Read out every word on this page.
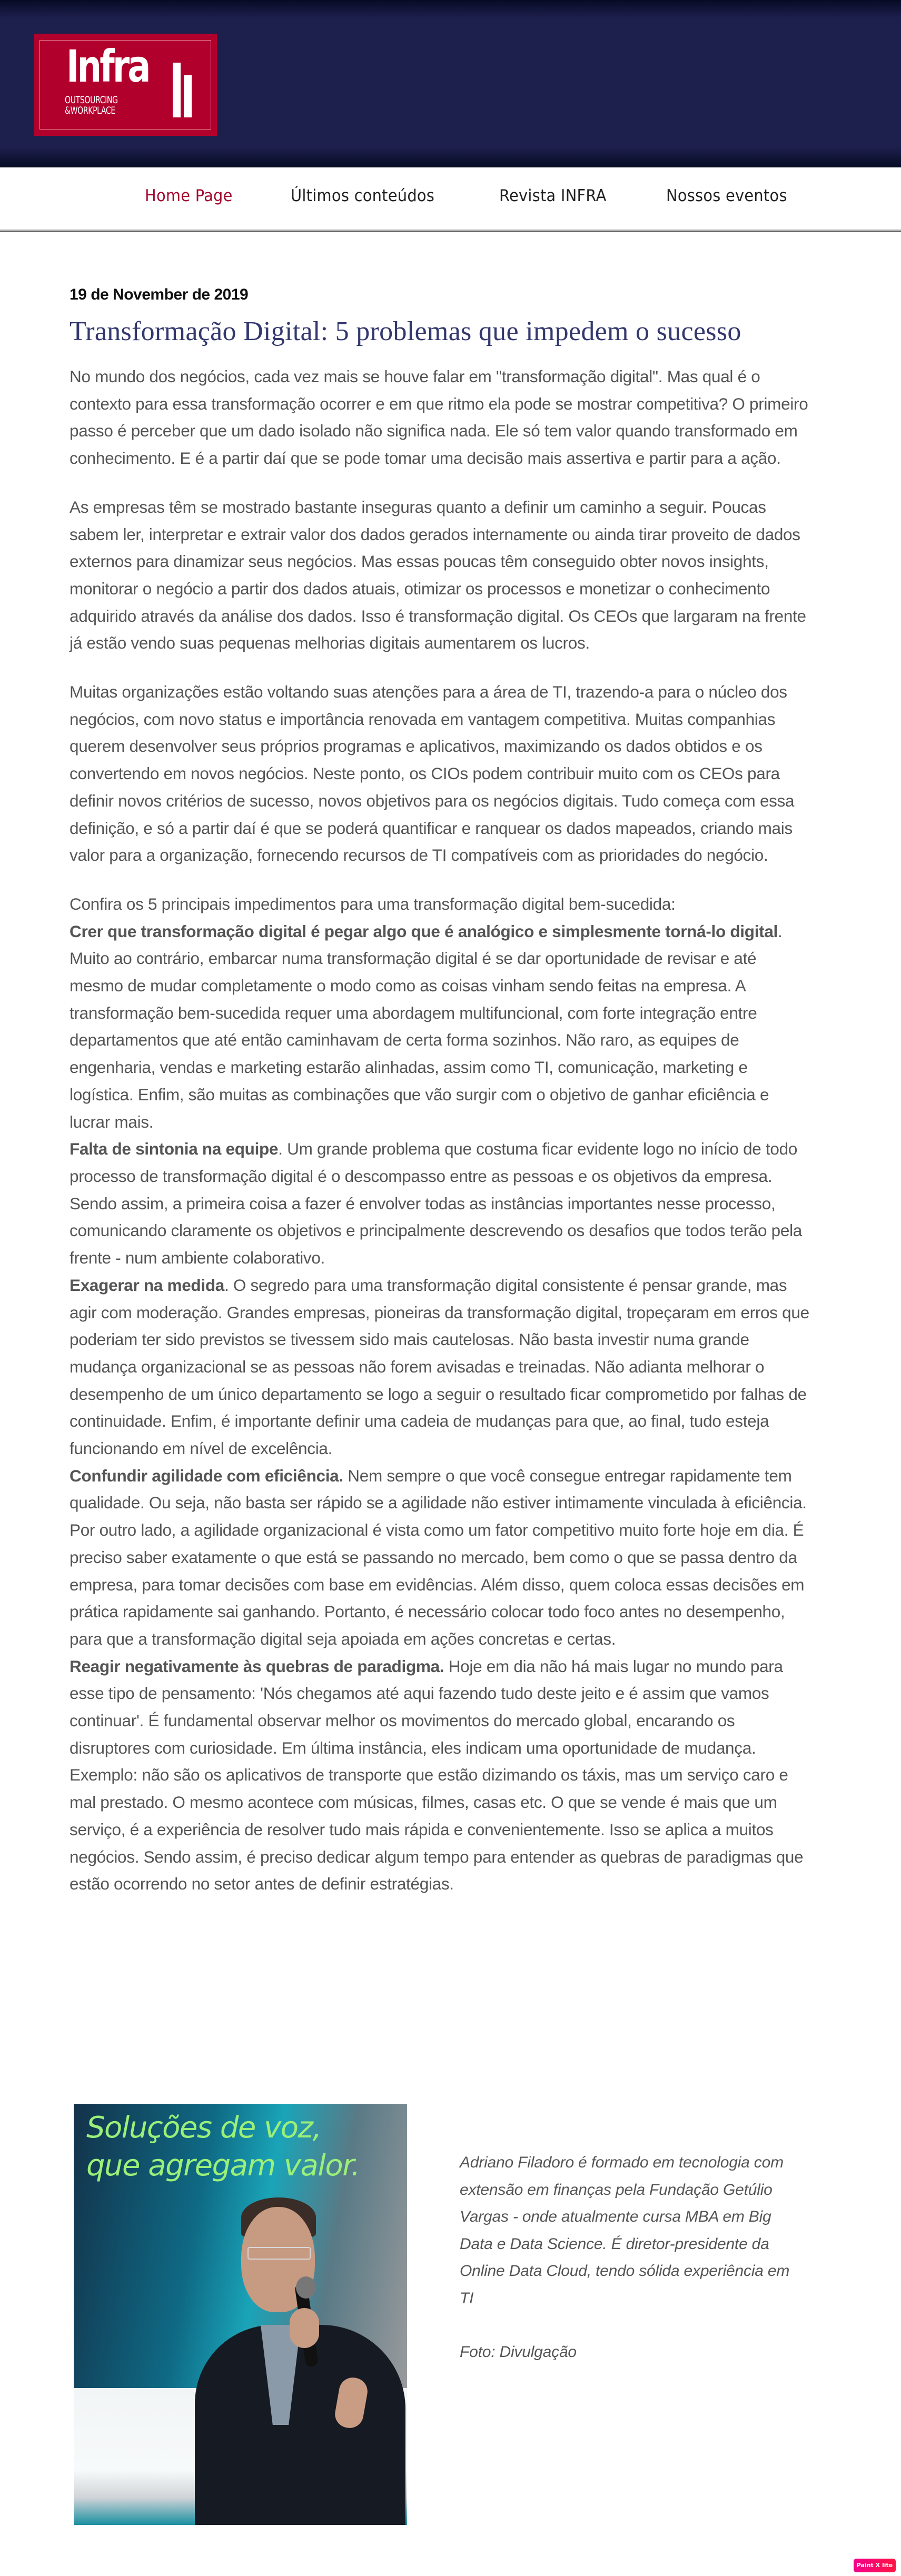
Infra
OUTSOURCING
&WORKPLACE
Home Page	Últimos conteúdos	Revista INFRA	Nossos eventos
19 de November de 2019
Transformação Digital: 5 problemas que impedem o sucesso

No mundo dos negócios, cada vez mais se houve falar em "transformação digital". Mas qual é o contexto para essa transformação ocorrer e em que ritmo ela pode se mostrar competitiva? O primeiro passo é perceber que um dado isolado não significa nada. Ele só tem valor quando transformado em conhecimento. E é a partir daí que se pode tomar uma decisão mais assertiva e partir para a ação.

As empresas têm se mostrado bastante inseguras quanto a definir um caminho a seguir. Poucas sabem ler, interpretar e extrair valor dos dados gerados internamente ou ainda tirar proveito de dados externos para dinamizar seus negócios. Mas essas poucas têm conseguido obter novos insights, monitorar o negócio a partir dos dados atuais, otimizar os processos e monetizar o conhecimento adquirido através da análise dos dados. Isso é transformação digital. Os CEOs que largaram na frente já estão vendo suas pequenas melhorias digitais aumentarem os lucros.

Muitas organizações estão voltando suas atenções para a área de TI, trazendo-a para o núcleo dos negócios, com novo status e importância renovada em vantagem competitiva. Muitas companhias querem desenvolver seus próprios programas e aplicativos, maximizando os dados obtidos e os convertendo em novos negócios. Neste ponto, os CIOs podem contribuir muito com os CEOs para definir novos critérios de sucesso, novos objetivos para os negócios digitais. Tudo começa com essa definição, e só a partir daí é que se poderá quantificar e ranquear os dados mapeados, criando mais valor para a organização, fornecendo recursos de TI compatíveis com as prioridades do negócio.

Confira os 5 principais impedimentos para uma transformação digital bem-sucedida:

Crer que transformação digital é pegar algo que é analógico e simplesmente torná-lo digital. Muito ao contrário, embarcar numa transformação digital é se dar oportunidade de revisar e até mesmo de mudar completamente o modo como as coisas vinham sendo feitas na empresa. A transformação bem-sucedida requer uma abordagem multifuncional, com forte integração entre departamentos que até então caminhavam de certa forma sozinhos. Não raro, as equipes de engenharia, vendas e marketing estarão alinhadas, assim como TI, comunicação, marketing e logística. Enfim, são muitas as combinações que vão surgir com o objetivo de ganhar eficiência e lucrar mais.

Falta de sintonia na equipe. Um grande problema que costuma ficar evidente logo no início de todo processo de transformação digital é o descompasso entre as pessoas e os objetivos da empresa. Sendo assim, a primeira coisa a fazer é envolver todas as instâncias importantes nesse processo, comunicando claramente os objetivos e principalmente descrevendo os desafios que todos terão pela frente - num ambiente colaborativo.

Exagerar na medida. O segredo para uma transformação digital consistente é pensar grande, mas agir com moderação. Grandes empresas, pioneiras da transformação digital, tropeçaram em erros que poderiam ter sido previstos se tivessem sido mais cautelosas. Não basta investir numa grande mudança organizacional se as pessoas não forem avisadas e treinadas. Não adianta melhorar o desempenho de um único departamento se logo a seguir o resultado ficar comprometido por falhas de continuidade. Enfim, é importante definir uma cadeia de mudanças para que, ao final, tudo esteja funcionando em nível de excelência.

Confundir agilidade com eficiência. Nem sempre o que você consegue entregar rapidamente tem qualidade. Ou seja, não basta ser rápido se a agilidade não estiver intimamente vinculada à eficiência. Por outro lado, a agilidade organizacional é vista como um fator competitivo muito forte hoje em dia. É preciso saber exatamente o que está se passando no mercado, bem como o que se passa dentro da empresa, para tomar decisões com base em evidências. Além disso, quem coloca essas decisões em prática rapidamente sai ganhando. Portanto, é necessário colocar todo foco antes no desempenho, para que a transformação digital seja apoiada em ações concretas e certas.

Reagir negativamente às quebras de paradigma. Hoje em dia não há mais lugar no mundo para esse tipo de pensamento: 'Nós chegamos até aqui fazendo tudo deste jeito e é assim que vamos continuar'. É fundamental observar melhor os movimentos do mercado global, encarando os disruptores com curiosidade. Em última instância, eles indicam uma oportunidade de mudança. Exemplo: não são os aplicativos de transporte que estão dizimando os táxis, mas um serviço caro e mal prestado. O mesmo acontece com músicas, filmes, casas etc. O que se vende é mais que um serviço, é a experiência de resolver tudo mais rápida e convenientemente. Isso se aplica a muitos negócios. Sendo assim, é preciso dedicar algum tempo para entender as quebras de paradigmas que estão ocorrendo no setor antes de definir estratégias.

Soluções de voz,
que agregam valor.	Adriano Filadoro é formado em tecnologia com extensão em finanças pela Fundação Getúlio Vargas - onde atualmente cursa MBA em Big Data e Data Science. É diretor-presidente da Online Data Cloud, tendo sólida experiência em TI

Foto: Divulgação

Paint X lite
